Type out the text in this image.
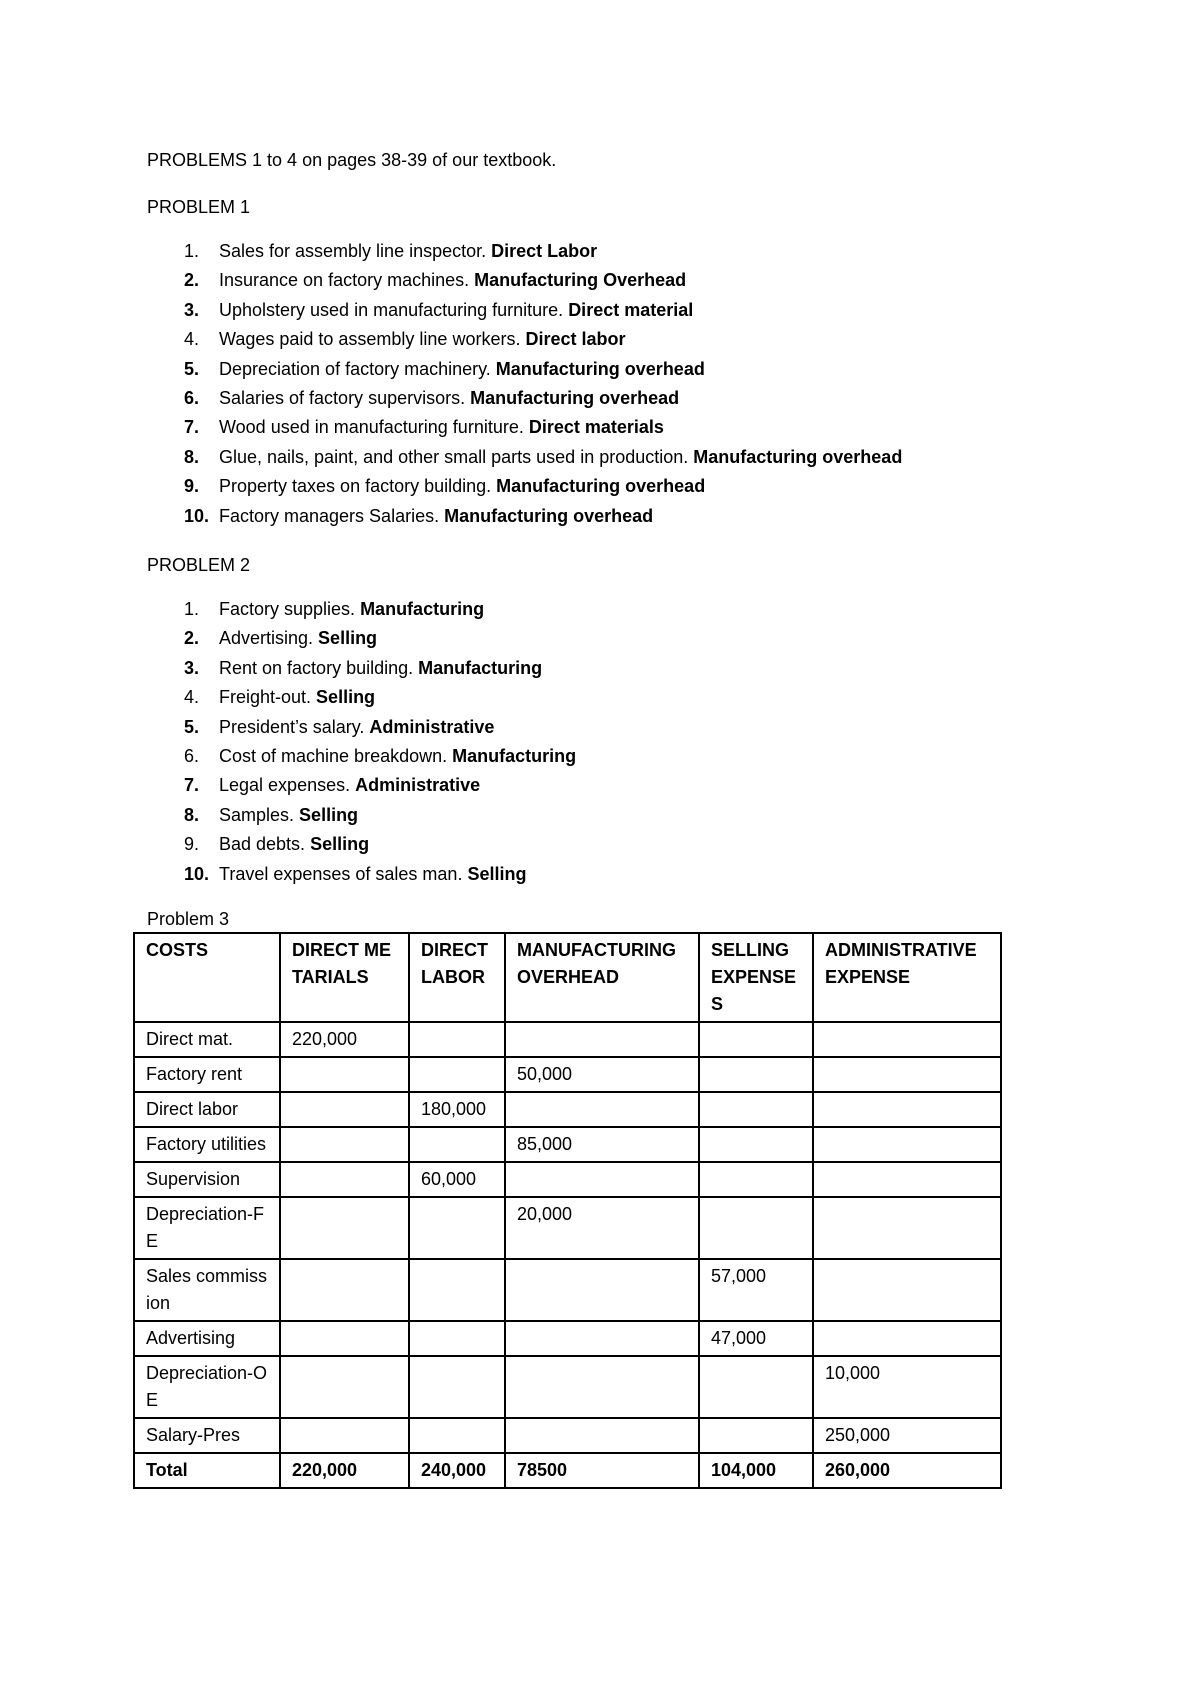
PROBLEMS 1 to 4 on pages 38-39 of our textbook.
PROBLEM 1
1. Sales for assembly line inspector. Direct Labor
2. Insurance on factory machines. Manufacturing Overhead
3. Upholstery used in manufacturing furniture. Direct material
4. Wages paid to assembly line workers. Direct labor
5. Depreciation of factory machinery. Manufacturing overhead
6. Salaries of factory supervisors. Manufacturing overhead
7. Wood used in manufacturing furniture. Direct materials
8. Glue, nails, paint, and other small parts used in production. Manufacturing overhead
9. Property taxes on factory building. Manufacturing overhead
10. Factory managers Salaries. Manufacturing overhead
PROBLEM 2
1. Factory supplies. Manufacturing
2. Advertising. Selling
3. Rent on factory building. Manufacturing
4. Freight-out. Selling
5. President’s salary. Administrative
6. Cost of machine breakdown. Manufacturing
7. Legal expenses. Administrative
8. Samples. Selling
9. Bad debts. Selling
10. Travel expenses of sales man. Selling
Problem 3
COSTS	DIRECT METARIALS	DIRECT LABOR	MANUFACTURING OVERHEAD	SELLING EXPENSES	ADMINISTRATIVE EXPENSE
Direct mat.	220,000				
Factory rent			50,000		
Direct labor		180,000			
Factory utilities			85,000		
Supervision		60,000			
Depreciation-FE			20,000		
Sales commission				57,000	
Advertising				47,000	
Depreciation-OE					10,000
Salary-Pres					250,000
Total	220,000	240,000	78500	104,000	260,000
